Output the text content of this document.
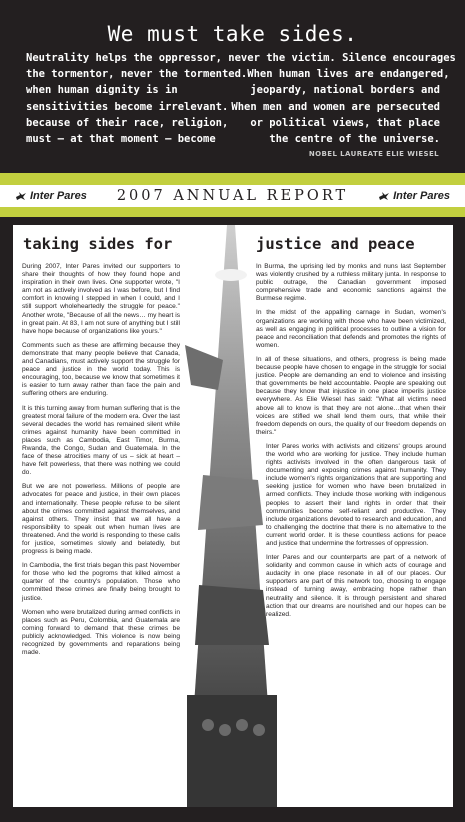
We must take sides.
Neutrality helps the oppressor, never the victim. Silence encourages
the tormentor, never the tormented. When human lives are endangered,
when human dignity is in	jeopardy, national borders and
sensitivities become irrelevant. When men and women are persecuted
because of their race, religion, or political views, that place
must – at that moment – become	the centre of the universe.
NOBEL LAUREATE ELIE WIESEL
Inter Pares 2007 ANNUAL REPORT	Inter Pares
taking sides for	justice and peace

During 2007, Inter Pares invited our supporters to share their thoughts of how they found hope and inspiration in their own lives. One supporter wrote, "I am not as actively involved as I was before, but I find comfort in knowing I stepped in when I could, and I still support wholeheartedly the struggle for peace." Another wrote, "Because of all the news… my heart is in great pain. At 83, I am not sure of anything but I still have hope because of organizations like yours."

Comments such as these are affirming because they demonstrate that many people believe that Canada, and Canadians, must actively support the struggle for peace and justice in the world today. This is encouraging, too, because we know that sometimes it is easier to turn away rather than face the pain and suffering others are enduring.

It is this turning away from human suffering that is the greatest moral failure of the modern era. Over the last several decades the world has remained silent while crimes against humanity have been committed in places such as Cambodia, East Timor, Burma, Rwanda, the Congo, Sudan and Guatemala. In the face of these atrocities many of us – sick at heart – have felt powerless, that there was nothing we could do.

But we are not powerless. Millions of people are advocates for peace and justice, in their own places and internationally. These people refuse to be silent about the crimes committed against themselves, and against others. They insist that we all have a responsibility to speak out when human lives are threatened. And the world is responding to these calls for justice, sometimes slowly and belatedly, but progress is being made.

In Cambodia, the first trials began this past November for those who led the pogroms that killed almost a quarter of the country's population. Those who committed these crimes are finally being brought to justice.

Women who were brutalized during armed conflicts in places such as Peru, Colombia, and Guatemala are coming forward to demand that these crimes be publicly acknowledged. This violence is now being recognized by governments and reparations being made.

In Burma, the uprising led by monks and nuns last September was violently crushed by a ruthless military junta. In response to public outrage, the Canadian government imposed comprehensive trade and economic sanctions against the Burmese regime.

In the midst of the appalling carnage in Sudan, women's organizations are working with those who have been victimized, as well as engaging in political processes to outline a vision for peace and reconciliation that defends and promotes the rights of women.

In all of these situations, and others, progress is being made because people have chosen to engage in the struggle for social justice. People are demanding an end to violence and insisting that governments be held accountable. People are speaking out because they know that injustice in one place imperils justice everywhere. As Elie Wiesel has said: "What all victims need above all to know is that they are not alone…that when their voices are stifled we shall lend them ours, that while their freedom depends on ours, the quality of our freedom depends on theirs."

Inter Pares works with activists and citizens' groups around the world who are working for justice. They include human rights activists involved in the often dangerous task of documenting and exposing crimes against humanity. They include women's rights organizations that are supporting and seeking justice for women who have been brutalized in armed conflicts. They include those working with indigenous peoples to assert their land rights in order that their communities become self-reliant and productive. They include organizations devoted to research and education, and to challenging the doctrine that there is no alternative to the current world order. It is these countless actions for peace and justice that undermine the fortresses of oppression.

Inter Pares and our counterparts are part of a network of solidarity and common cause in which acts of courage and audacity in one place resonate in all of our places. Our supporters are part of this network too, choosing to engage instead of turning away, embracing hope rather than neutrality and silence. It is through persistent and shared action that our dreams are nourished and our hopes can be realized.
